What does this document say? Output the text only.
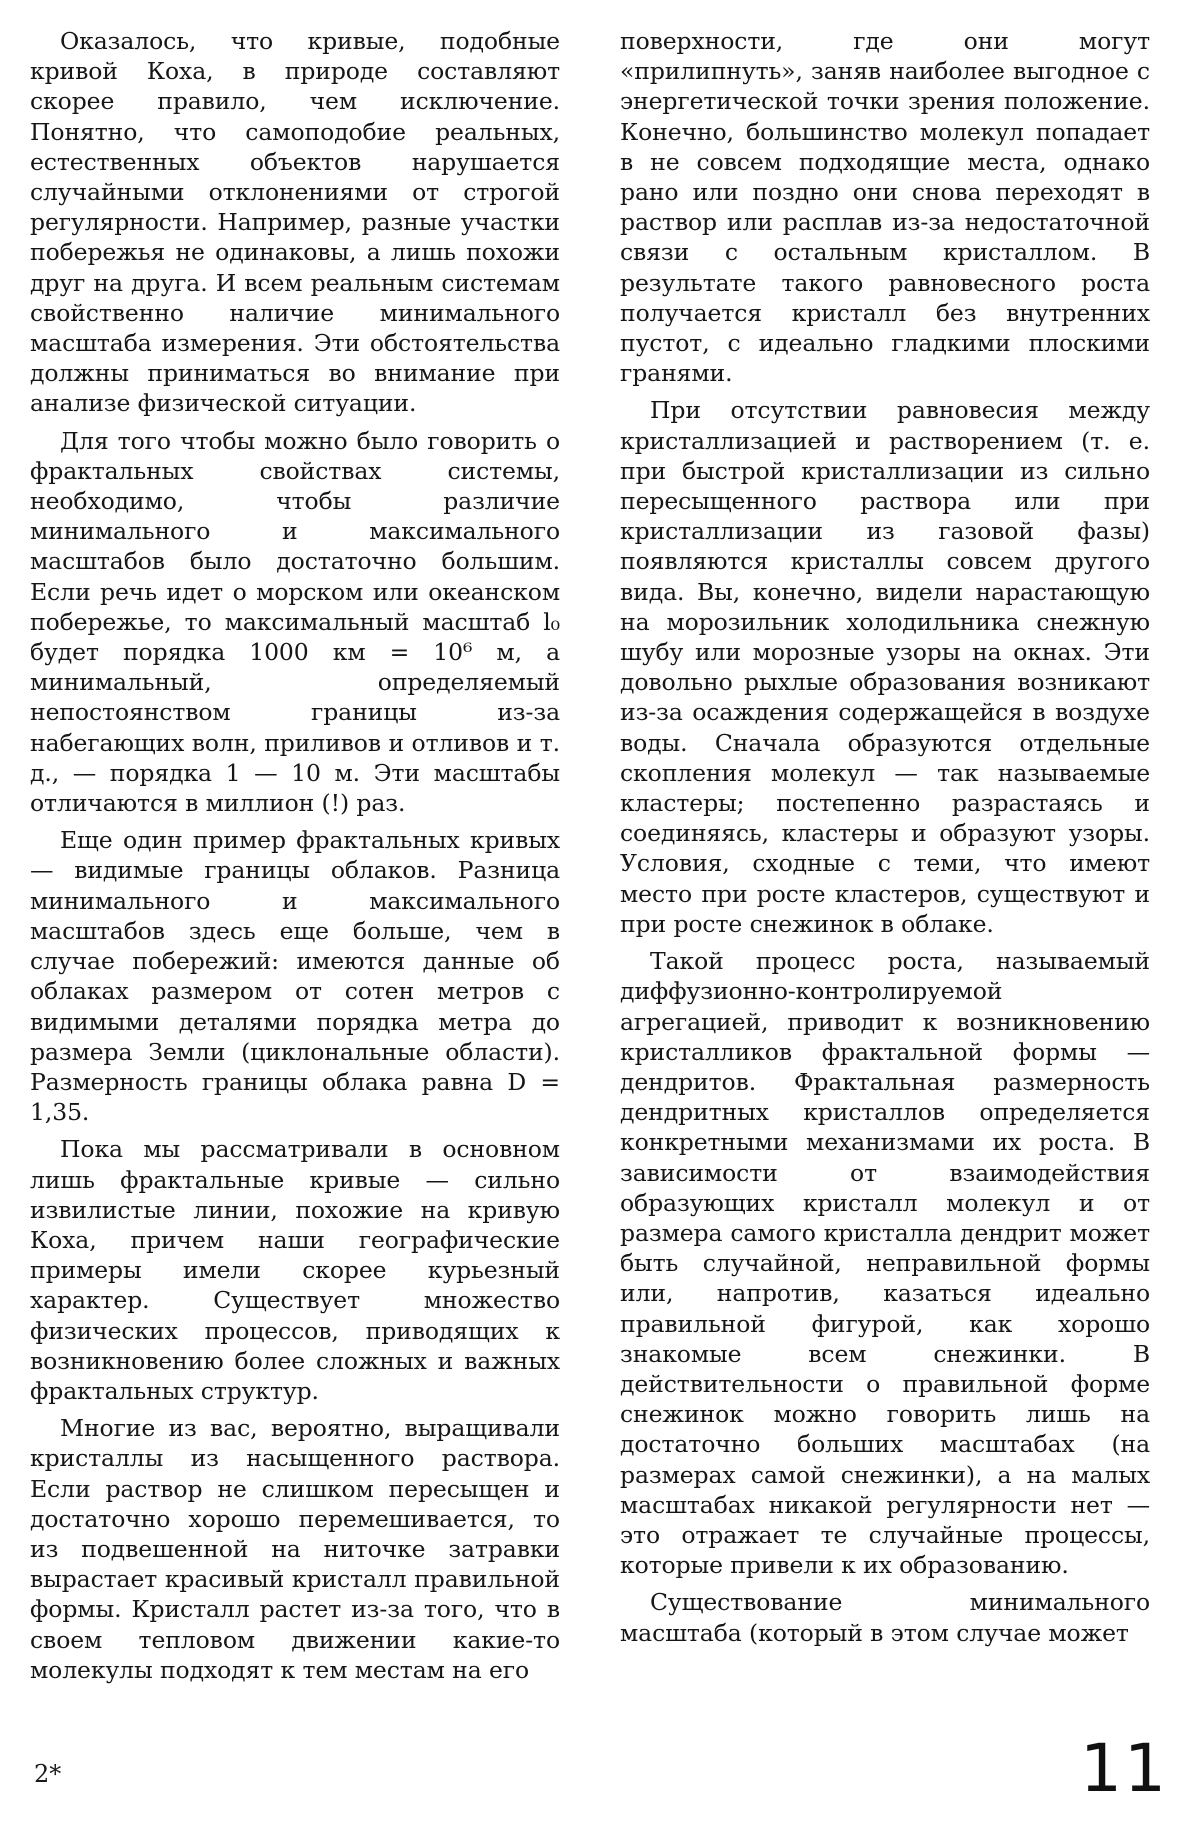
Оказалось, что кривые, подобные кривой Коха, в природе составляют скорее правило, чем исключение. Понятно, что самоподобие реальных, естественных объектов нарушается случайными отклонениями от строгой регулярности. Например, разные участки побережья не одинаковы, а лишь похожи друг на друга. И всем реальным системам свойственно наличие минимального масштаба измерения. Эти обстоятельства должны приниматься во внимание при анализе физической ситуации.

Для того чтобы можно было говорить о фрактальных свойствах системы, необходимо, чтобы различие минимального и максимального масштабов было достаточно большим. Если речь идет о морском или океанском побережье, то максимальный масштаб l₀ будет порядка 1000 км = 10⁶ м, а минимальный, определяемый непостоянством границы из-за набегающих волн, приливов и отливов и т. д., — порядка 1 — 10 м. Эти масштабы отличаются в миллион (!) раз.

Еще один пример фрактальных кривых — видимые границы облаков. Разница минимального и максимального масштабов здесь еще больше, чем в случае побережий: имеются данные об облаках размером от сотен метров с видимыми деталями порядка метра до размера Земли (циклональные области). Размерность границы облака равна D = 1,35.

Пока мы рассматривали в основном лишь фрактальные кривые — сильно извилистые линии, похожие на кривую Коха, причем наши географические примеры имели скорее курьезный характер. Существует множество физических процессов, приводящих к возникновению более сложных и важных фрактальных структур.

Многие из вас, вероятно, выращивали кристаллы из насыщенного раствора. Если раствор не слишком пересыщен и достаточно хорошо перемешивается, то из подвешенной на ниточке затравки вырастает красивый кристалл правильной формы. Кристалл растет из-за того, что в своем тепловом движении какие-то молекулы подходят к тем местам на его

поверхности, где они могут «прилипнуть», заняв наиболее выгодное с энергетической точки зрения положение. Конечно, большинство молекул попадает в не совсем подходящие места, однако рано или поздно они снова переходят в раствор или расплав из-за недостаточной связи с остальным кристаллом. В результате такого равновесного роста получается кристалл без внутренних пустот, с идеально гладкими плоскими гранями.

При отсутствии равновесия между кристаллизацией и растворением (т. е. при быстрой кристаллизации из сильно пересыщенного раствора или при кристаллизации из газовой фазы) появляются кристаллы совсем другого вида. Вы, конечно, видели нарастающую на морозильник холодильника снежную шубу или морозные узоры на окнах. Эти довольно рыхлые образования возникают из-за осаждения содержащейся в воздухе воды. Сначала образуются отдельные скопления молекул — так называемые кластеры; постепенно разрастаясь и соединяясь, кластеры и образуют узоры. Условия, сходные с теми, что имеют место при росте кластеров, существуют и при росте снежинок в облаке.

Такой процесс роста, называемый диффузионно-контролируемой агрегацией, приводит к возникновению кристалликов фрактальной формы — дендритов. Фрактальная размерность дендритных кристаллов определяется конкретными механизмами их роста. В зависимости от взаимодействия образующих кристалл молекул и от размера самого кристалла дендрит может быть случайной, неправильной формы или, напротив, казаться идеально правильной фигурой, как хорошо знакомые всем снежинки. В действительности о правильной форме снежинок можно говорить лишь на достаточно больших масштабах (на размерах самой снежинки), а на малых масштабах никакой регулярности нет — это отражает те случайные процессы, которые привели к их образованию.

Существование минимального масштаба (который в этом случае может

2*	11
